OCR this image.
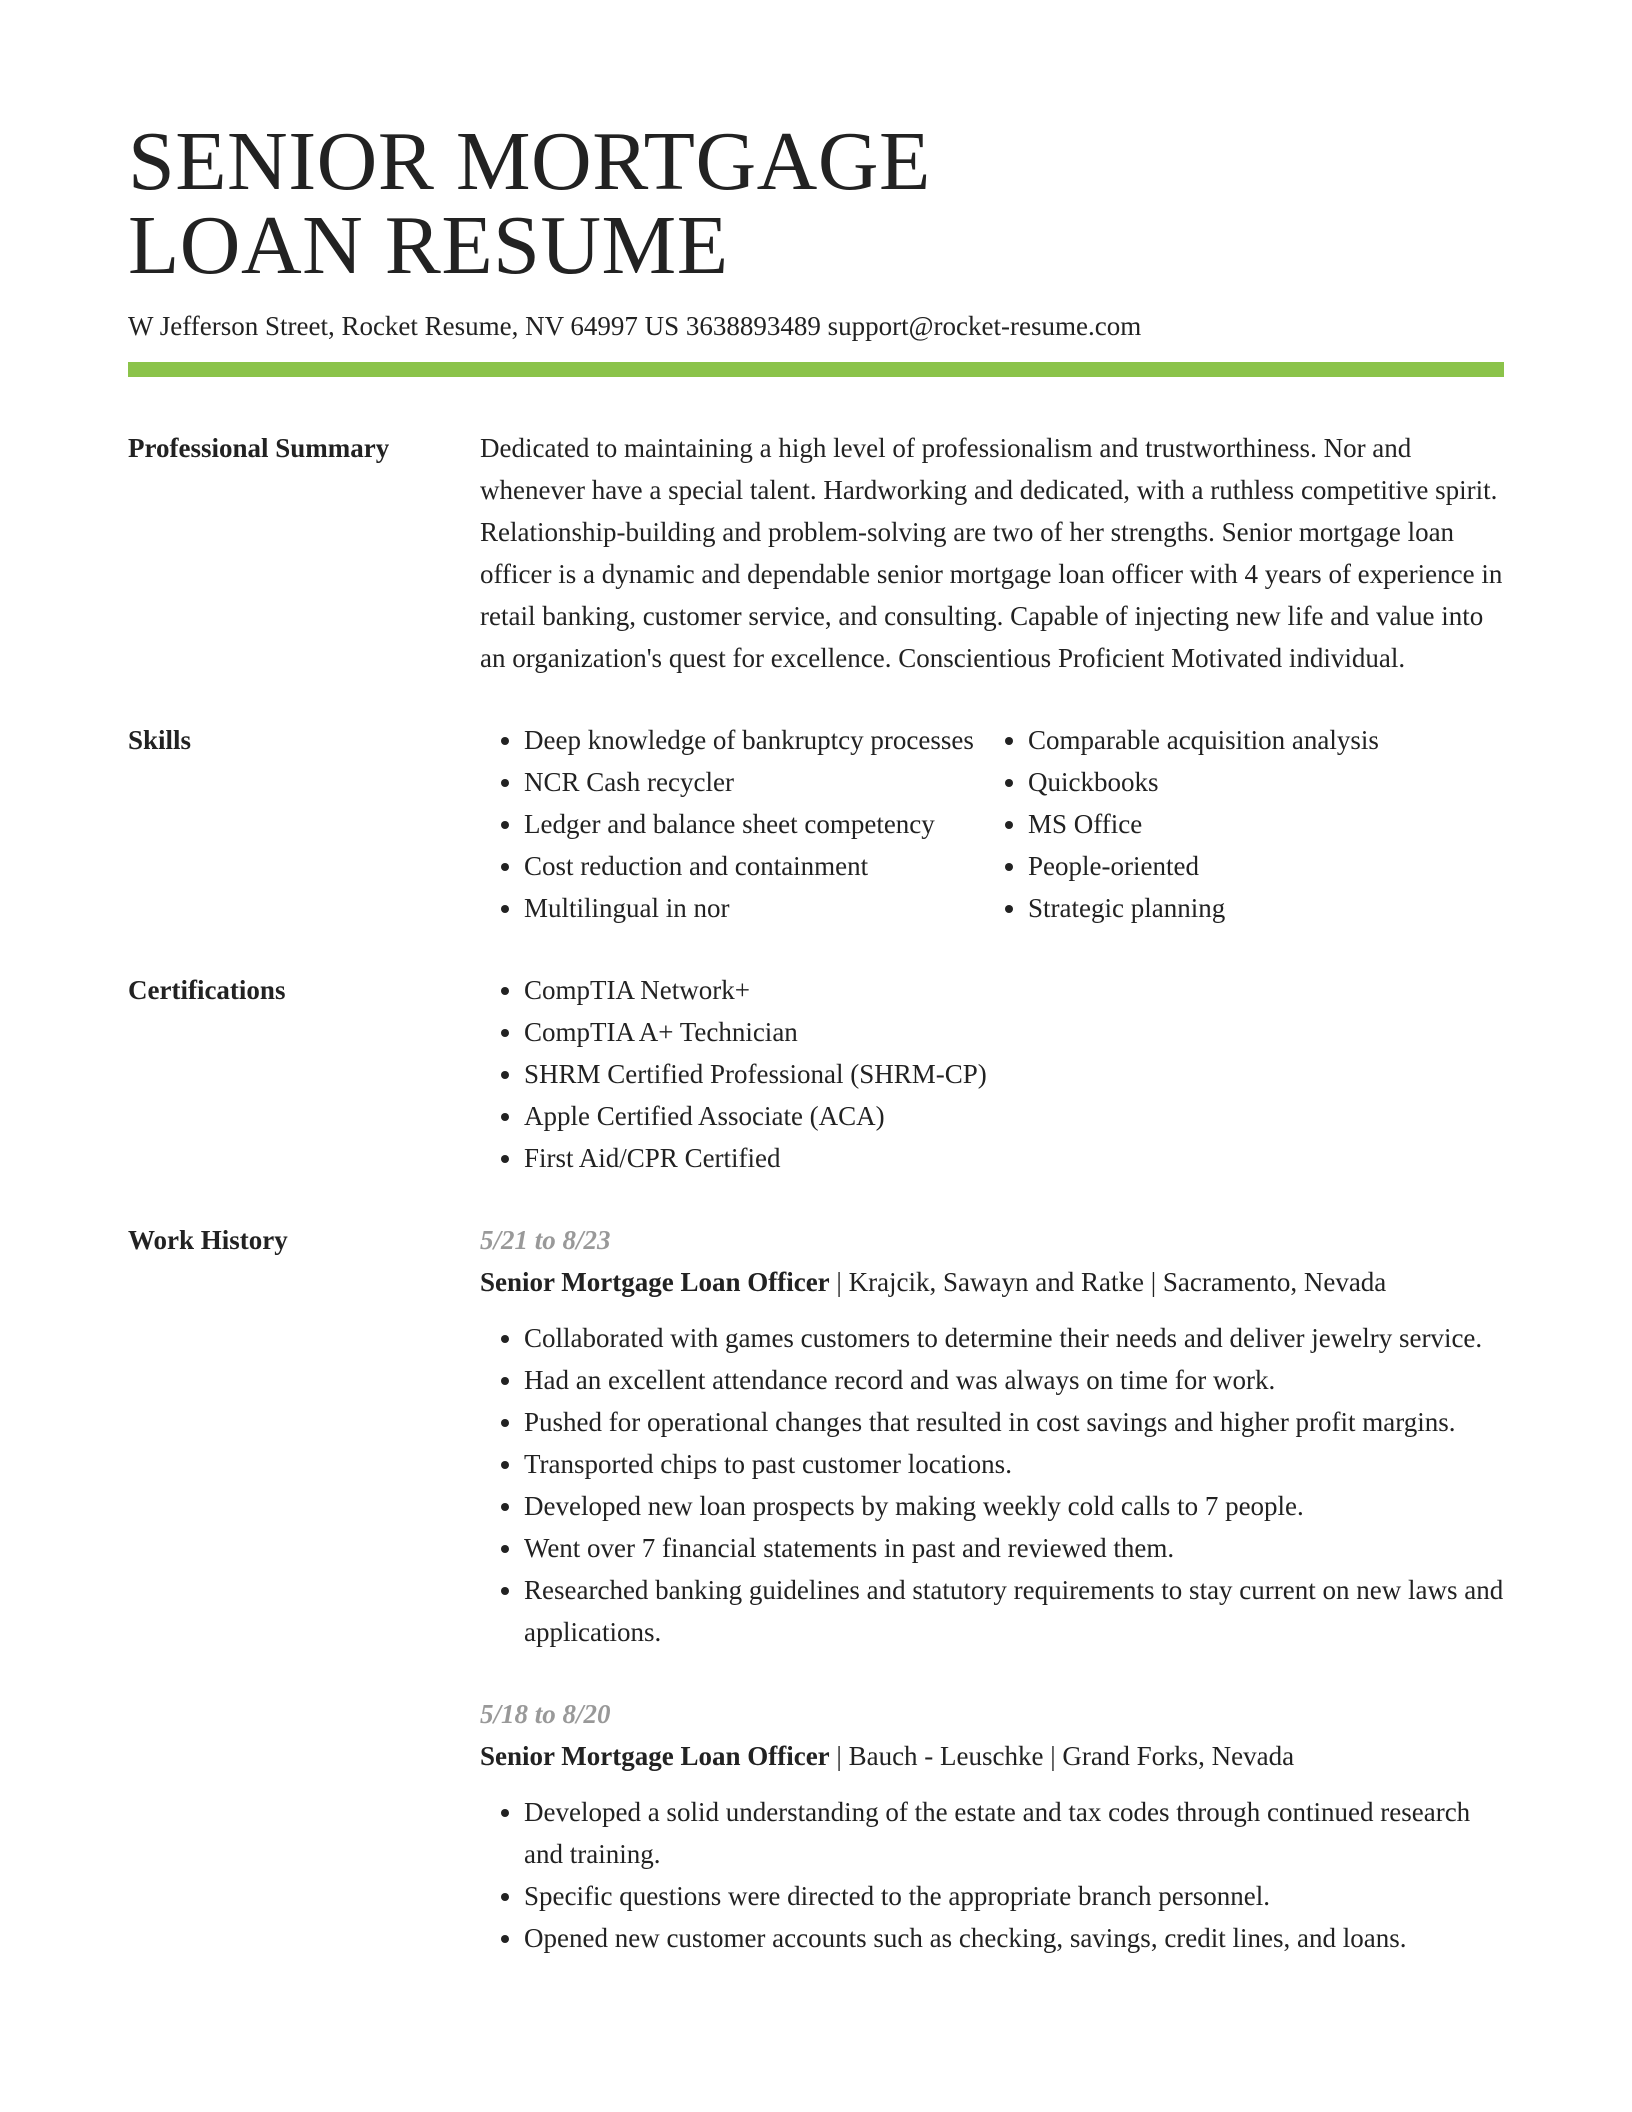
SENIOR MORTGAGE
LOAN RESUME
W Jefferson Street, Rocket Resume, NV 64997 US 3638893489 support@rocket-resume.com
Professional Summary	Dedicated to maintaining a high level of professionalism and trustworthiness. Nor and whenever have a special talent. Hardworking and dedicated, with a ruthless competitive spirit. Relationship-building and problem-solving are two of her strengths. Senior mortgage loan officer is a dynamic and dependable senior mortgage loan officer with 4 years of experience in retail banking, customer service, and consulting. Capable of injecting new life and value into an organization's quest for excellence. Conscientious Proficient Motivated individual.

Skills	• Deep knowledge of bankruptcy processes
• NCR Cash recycler
• Ledger and balance sheet competency
• Cost reduction and containment
• Multilingual in nor
• Comparable acquisition analysis
• Quickbooks
• MS Office
• People-oriented
• Strategic planning
Certifications	• CompTIA Network+
• CompTIA A+ Technician
• SHRM Certified Professional (SHRM-CP)
• Apple Certified Associate (ACA)
• First Aid/CPR Certified
Work History	5/21 to 8/23
Senior Mortgage Loan Officer | Krajcik, Sawayn and Ratke | Sacramento, Nevada
• Collaborated with games customers to determine their needs and deliver jewelry service.
• Had an excellent attendance record and was always on time for work.
• Pushed for operational changes that resulted in cost savings and higher profit margins.
• Transported chips to past customer locations.
• Developed new loan prospects by making weekly cold calls to 7 people.
• Went over 7 financial statements in past and reviewed them.
• Researched banking guidelines and statutory requirements to stay current on new laws and applications.
5/18 to 8/20
Senior Mortgage Loan Officer | Bauch - Leuschke | Grand Forks, Nevada
• Developed a solid understanding of the estate and tax codes through continued research and training.
• Specific questions were directed to the appropriate branch personnel.
• Opened new customer accounts such as checking, savings, credit lines, and loans.
